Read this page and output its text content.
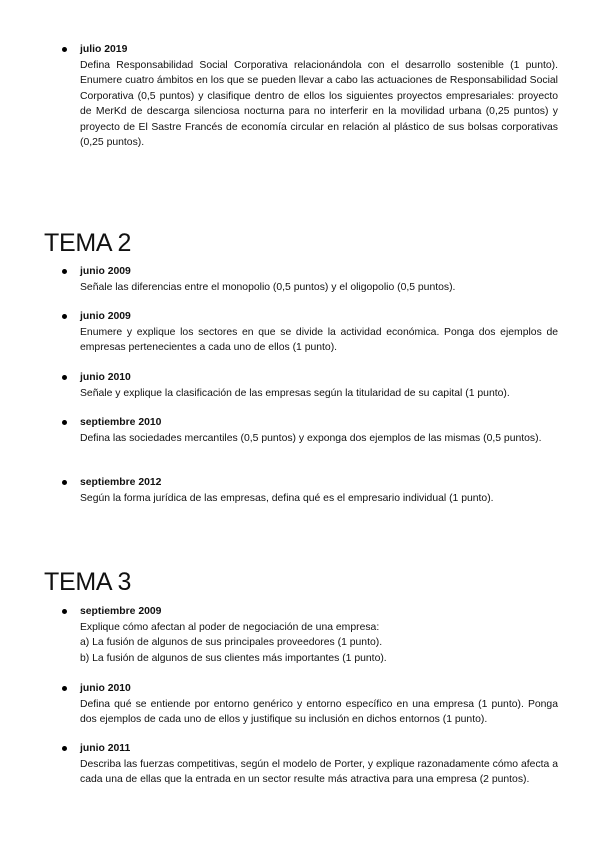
julio 2019
Defina Responsabilidad Social Corporativa relacionándola con el desarrollo sostenible (1 punto). Enumere cuatro ámbitos en los que se pueden llevar a cabo las actuaciones de Responsabilidad Social Corporativa (0,5 puntos) y clasifique dentro de ellos los siguientes proyectos empresariales: proyecto de MerKd de descarga silenciosa nocturna para no interferir en la movilidad urbana (0,25 puntos) y proyecto de El Sastre Francés de economía circular en relación al plástico de sus bolsas corporativas (0,25 puntos).
TEMA 2
junio 2009
Señale las diferencias entre el monopolio (0,5 puntos) y el oligopolio (0,5 puntos).
junio 2009
Enumere y explique los sectores en que se divide la actividad económica. Ponga dos ejemplos de empresas pertenecientes a cada uno de ellos (1 punto).
junio 2010
Señale y explique la clasificación de las empresas según la titularidad de su capital (1 punto).
septiembre 2010
Defina las sociedades mercantiles (0,5 puntos) y exponga dos ejemplos de las mismas (0,5 puntos).
septiembre 2012
Según la forma jurídica de las empresas, defina qué es el empresario individual (1 punto).
TEMA 3
septiembre 2009
Explique cómo afectan al poder de negociación de una empresa:
a) La fusión de algunos de sus principales proveedores (1 punto).
b) La fusión de algunos de sus clientes más importantes (1 punto).
junio 2010
Defina qué se entiende por entorno genérico y entorno específico en una empresa (1 punto). Ponga dos ejemplos de cada uno de ellos y justifique su inclusión en dichos entornos (1 punto).
junio 2011
Describa las fuerzas competitivas, según el modelo de Porter, y explique razonadamente cómo afecta a cada una de ellas que la entrada en un sector resulte más atractiva para una empresa (2 puntos).
